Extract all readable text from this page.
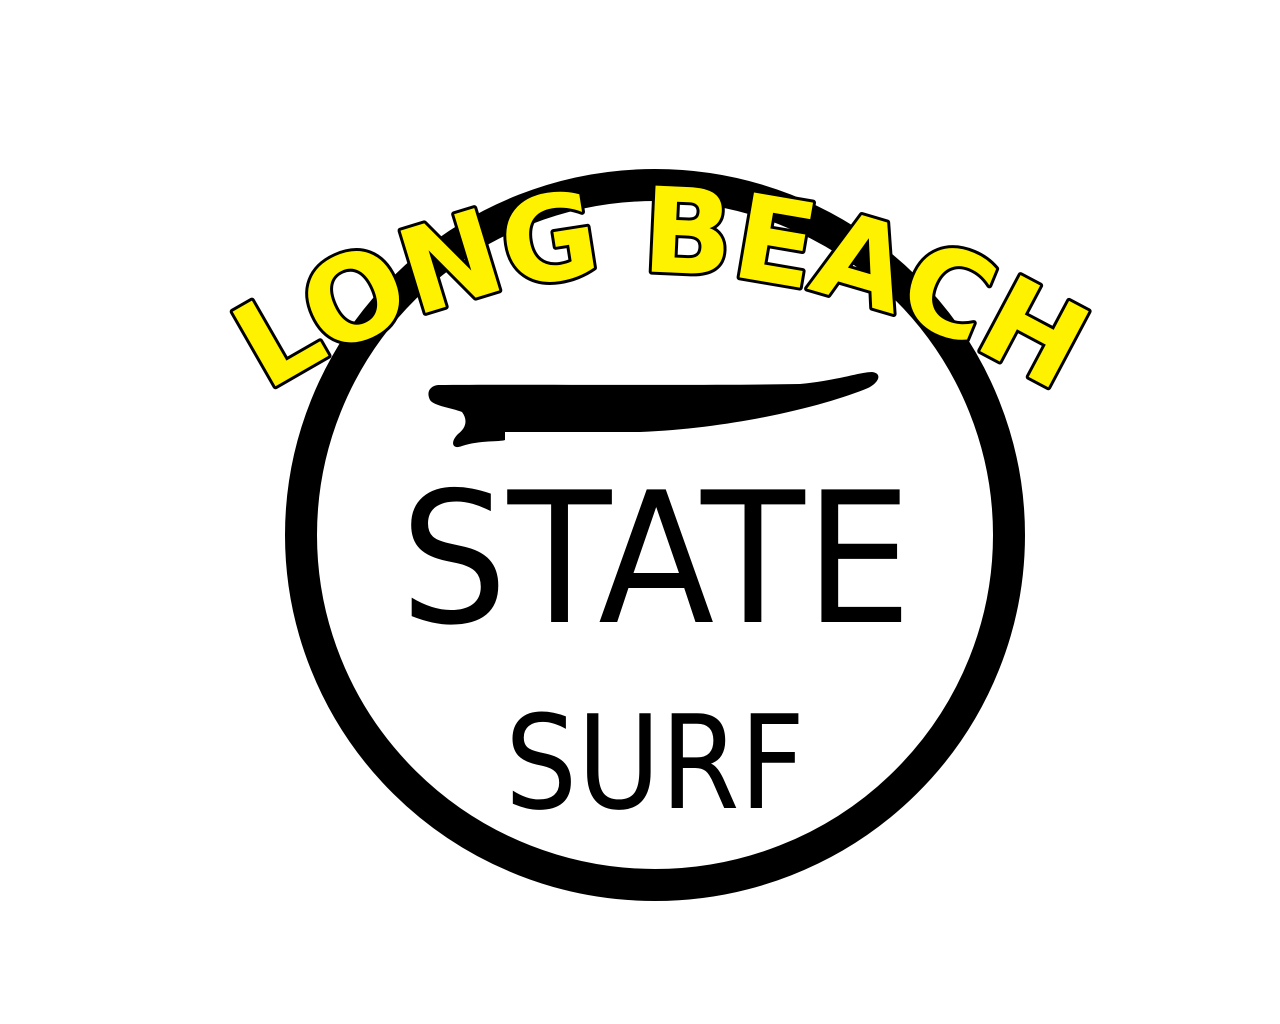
LONG BEACH
STATE
SURF
